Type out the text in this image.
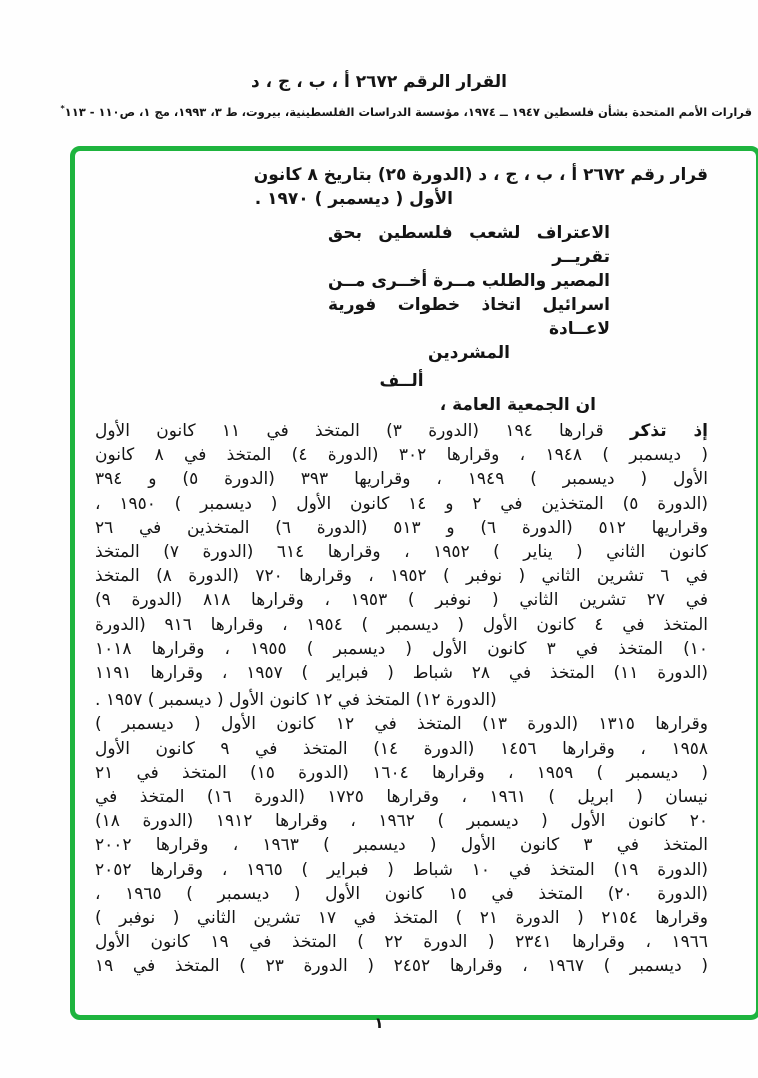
القرار الرقم ٢٦٧٢ أ ، ب ، ج ، د
قرارات الأمم المتحدة بشأن فلسطين ١٩٤٧ ــ ١٩٧٤، مؤسسة الدراسات الفلسطينية، بيروت، ط ٣، ١٩٩٣، مج ١، ص١١٠ - ١١٣*
قرار رقم ٢٦٧٢ أ ، ب ، ج ، د (الدورة ٢٥) بتاريخ ٨ كانون
الأول ( ديسمبر ) ١٩٧٠ .
الاعتراف لشعب فلسطين بحق تقريــر
المصير والطلب مــرة أخــرى مــن
اسرائيل اتخاذ خطوات فورية لاعــادة
المشردين
ألــف
ان الجمعية العامة ،
إذ تذكر قرارها ١٩٤ (الدورة ٣) المتخذ في ١١ كانون الأول
( ديسمبر ) ١٩٤٨ ، وقرارها ٣٠٢ (الدورة ٤) المتخذ في ٨ كانون
الأول ( ديسمبر ) ١٩٤٩ ، وقراريها ٣٩٣ (الدورة ٥) و ٣٩٤
(الدورة ٥) المتخذين في ٢ و ١٤ كانون الأول ( ديسمبر ) ١٩٥٠ ،
وقراريها ٥١٢ (الدورة ٦) و ٥١٣ (الدورة ٦) المتخذين في ٢٦
كانون الثاني ( يناير ) ١٩٥٢ ، وقرارها ٦١٤ (الدورة ٧) المتخذ
في ٦ تشرين الثاني ( نوفبر ) ١٩٥٢ ، وقرارها ٧٢٠ (الدورة ٨) المتخذ
في ٢٧ تشرين الثاني ( نوفبر ) ١٩٥٣ ، وقرارها ٨١٨ (الدورة ٩)
المتخذ في ٤ كانون الأول ( ديسمبر ) ١٩٥٤ ، وقرارها ٩١٦ (الدورة
١٠) المتخذ في ٣ كانون الأول ( ديسمبر ) ١٩٥٥ ، وقرارها ١٠١٨
(الدورة ١١) المتخذ في ٢٨ شباط ( فبراير ) ١٩٥٧ ، وقرارها ١١٩١
(الدورة ١٢) المتخذ في ١٢ كانون الأول ( ديسمبر ) ١٩٥٧ .
وقرارها ١٣١٥ (الدورة ١٣) المتخذ في ١٢ كانون الأول ( ديسمبر )
١٩٥٨ ، وقرارها ١٤٥٦ (الدورة ١٤) المتخذ في ٩ كانون الأول
( ديسمبر ) ١٩٥٩ ، وقرارها ١٦٠٤ (الدورة ١٥) المتخذ في ٢١
نيسان ( ابريل ) ١٩٦١ ، وقرارها ١٧٢٥ (الدورة ١٦) المتخذ في
٢٠ كانون الأول ( ديسمبر ) ١٩٦٢ ، وقرارها ١٩١٢ (الدورة ١٨)
المتخذ في ٣ كانون الأول ( ديسمبر ) ١٩٦٣ ، وقرارها ٢٠٠٢
(الدورة ١٩) المتخذ في ١٠ شباط ( فبراير ) ١٩٦٥ ، وقرارها ٢٠٥٢
(الدورة ٢٠) المتخذ في ١٥ كانون الأول ( ديسمبر ) ١٩٦٥ ،
وقرارها ٢١٥٤ ( الدورة ٢١ ) المتخذ في ١٧ تشرين الثاني ( نوفبر )
١٩٦٦ ، وقرارها ٢٣٤١ ( الدورة ٢٢ ) المتخذ في ١٩ كانون الأول
( ديسمبر ) ١٩٦٧ ، وقرارها ٢٤٥٢ ( الدورة ٢٣ ) المتخذ في ١٩
١
